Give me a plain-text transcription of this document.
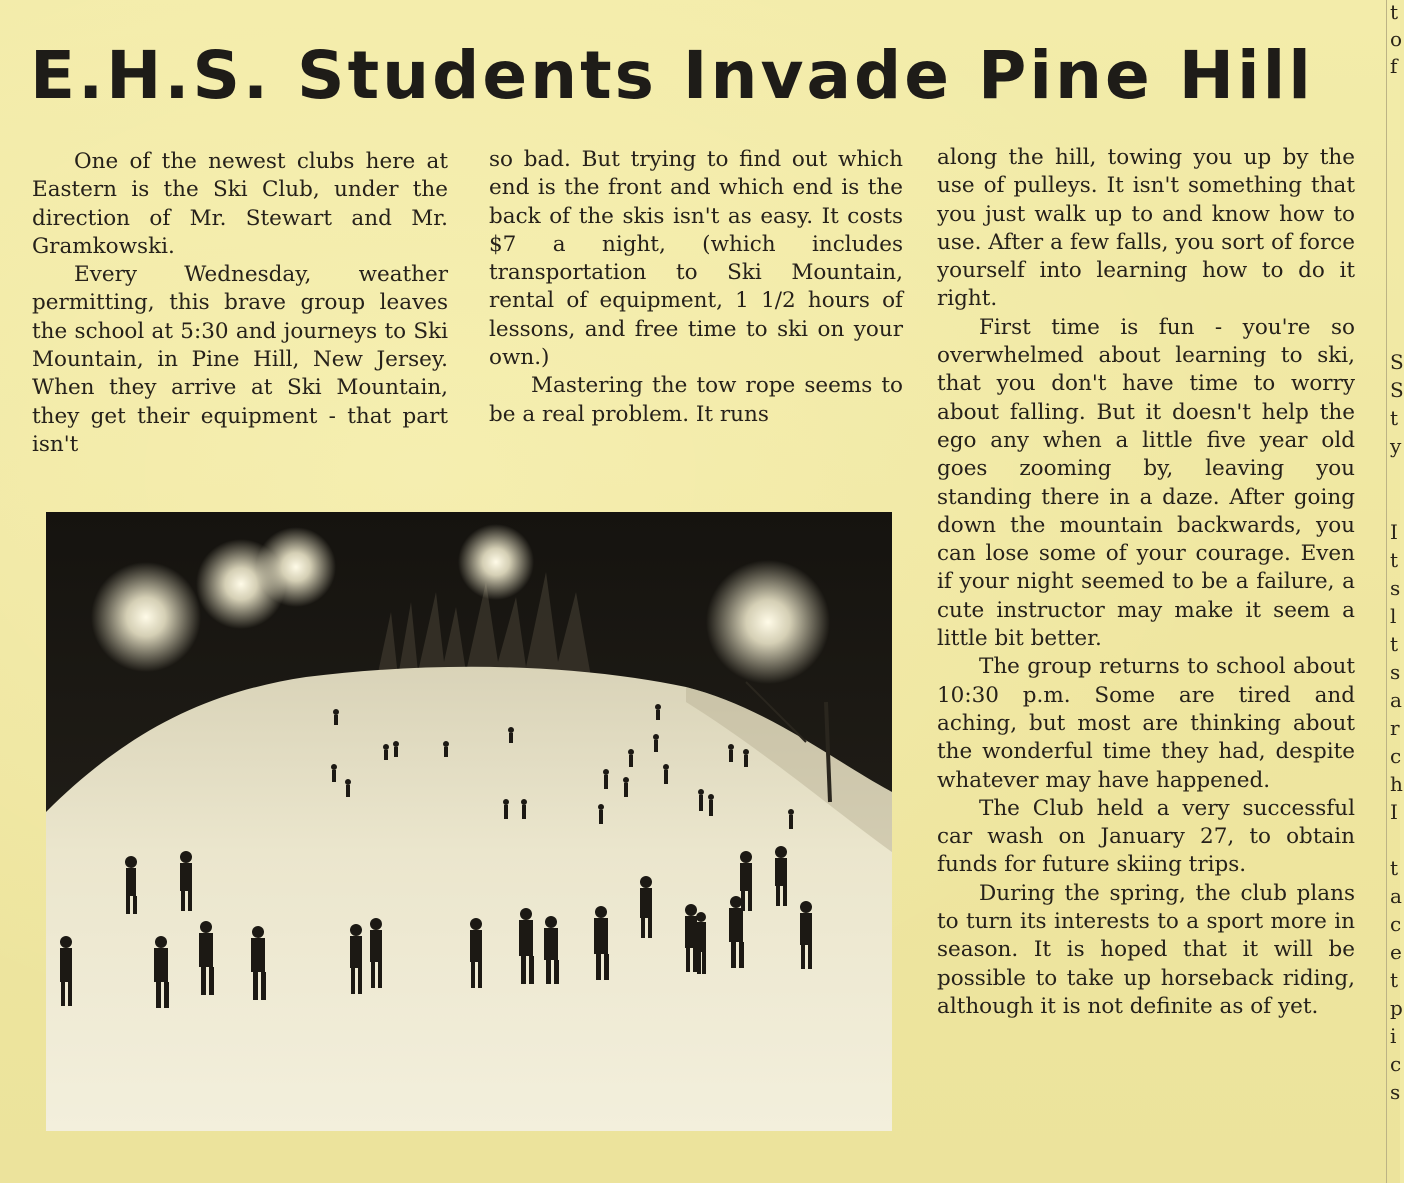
E.H.S. Students Invade Pine Hill

One of the newest clubs here at Eastern is the Ski Club, under the direction of Mr. Stewart and Mr. Gramkowski.

Every Wednesday, weather permitting, this brave group leaves the school at 5:30 and journeys to Ski Mountain, in Pine Hill, New Jersey. When they arrive at Ski Mountain, they get their equipment - that part isn't

so bad. But trying to find out which end is the front and which end is the back of the skis isn't as easy. It costs $7 a night, (which includes transportation to Ski Mountain, rental of equipment, 1 1/2 hours of lessons, and free time to ski on your own.)

Mastering the tow rope seems to be a real problem. It runs

along the hill, towing you up by the use of pulleys. It isn't something that you just walk up to and know how to use. After a few falls, you sort of force yourself into learning how to do it right.

First time is fun - you're so overwhelmed about learning to ski, that you don't have time to worry about falling. But it doesn't help the ego any when a little five year old goes zooming by, leaving you standing there in a daze. After going down the mountain backwards, you can lose some of your courage. Even if your night seemed to be a failure, a cute instructor may make it seem a little bit better.

The group returns to school about 10:30 p.m. Some are tired and aching, but most are thinking about the wonderful time they had, despite whatever may have happened.

The Club held a very successful car wash on January 27, to obtain funds for future skiing trips.

During the spring, the club plans to turn its interests to a sport more in season. It is hoped that it will be possible to take up horseback riding, although it is not definite as of yet.

t
o
f
S
S
t
y
I
t
s
l
t
s
a
r
c
h
I
t
a
c
e
t
p
i
c
s
